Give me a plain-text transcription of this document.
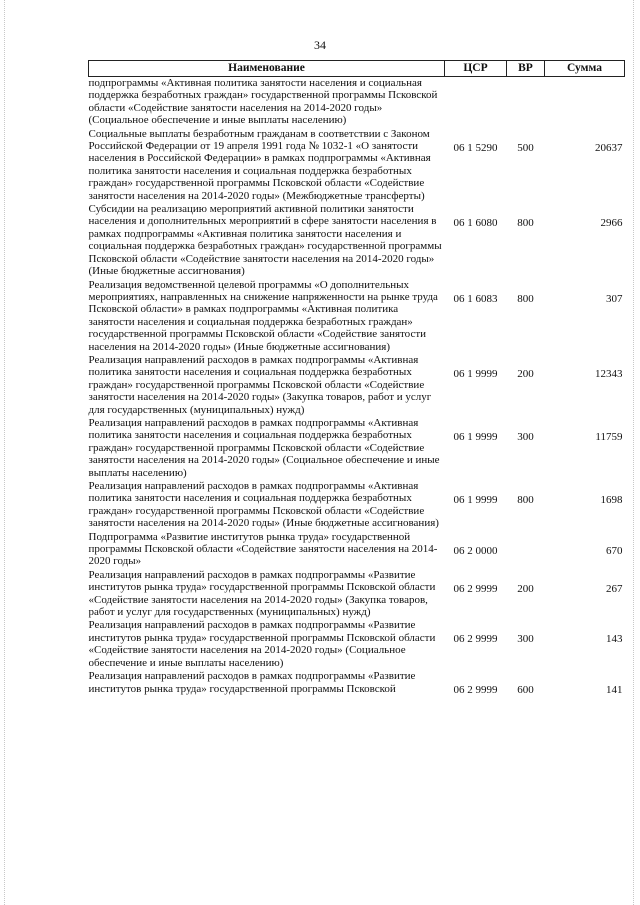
34
Наименование	ЦСР	ВР	Сумма
подпрограммы «Активная политика занятости населения и социальная поддержка безработных граждан» государственной программы Псковской области «Содействие занятости населения на 2014-2020 годы» (Социальное обеспечение и иные выплаты населению)			
Социальные выплаты безработным гражданам в соответствии с Законом Российской Федерации от 19 апреля 1991 года № 1032-1 «О занятости населения в Российской Федерации» в рамках подпрограммы «Активная политика занятости населения и социальная поддержка безработных граждан» государственной программы Псковской области «Содействие занятости населения на 2014-2020 годы» (Межбюджетные трансферты)	06 1 5290	500	20637
Субсидии на реализацию мероприятий активной политики занятости населения и дополнительных мероприятий в сфере занятости населения в рамках подпрограммы «Активная политика занятости населения и социальная поддержка безработных граждан» государственной программы Псковской области «Содействие занятости населения на 2014-2020 годы» (Иные бюджетные ассигнования)	06 1 6080	800	2966
Реализация ведомственной целевой программы «О дополнительных мероприятиях, направленных на снижение напряженности на рынке труда Псковской области» в рамках подпрограммы «Активная политика занятости населения и социальная поддержка безработных граждан» государственной программы Псковской области «Содействие занятости населения на 2014-2020 годы» (Иные бюджетные ассигнования)	06 1 6083	800	307
Реализация направлений расходов в рамках подпрограммы «Активная политика занятости населения и социальная поддержка безработных граждан» государственной программы Псковской области «Содействие занятости населения на 2014-2020 годы» (Закупка товаров, работ и услуг для государственных (муниципальных) нужд)	06 1 9999	200	12343
Реализация направлений расходов в рамках подпрограммы «Активная политика занятости населения и социальная поддержка безработных граждан» государственной программы Псковской области «Содействие занятости населения на 2014-2020 годы» (Социальное обеспечение и иные выплаты населению)	06 1 9999	300	11759
Реализация направлений расходов в рамках подпрограммы «Активная политика занятости населения и социальная поддержка безработных граждан» государственной программы Псковской области «Содействие занятости населения на 2014-2020 годы» (Иные бюджетные ассигнования)	06 1 9999	800	1698
Подпрограмма «Развитие институтов рынка труда» государственной программы Псковской области «Содействие занятости населения на 2014-2020 годы»	06 2 0000		670
Реализация направлений расходов в рамках подпрограммы «Развитие институтов рынка труда» государственной программы Псковской области «Содействие занятости населения на 2014-2020 годы» (Закупка товаров, работ и услуг для государственных (муниципальных) нужд)	06 2 9999	200	267
Реализация направлений расходов в рамках подпрограммы «Развитие институтов рынка труда» государственной программы Псковской области «Содействие занятости населения на 2014-2020 годы» (Социальное обеспечение и иные выплаты населению)	06 2 9999	300	143
Реализация направлений расходов в рамках подпрограммы «Развитие институтов рынка труда» государственной программы Псковской	06 2 9999	600	141
